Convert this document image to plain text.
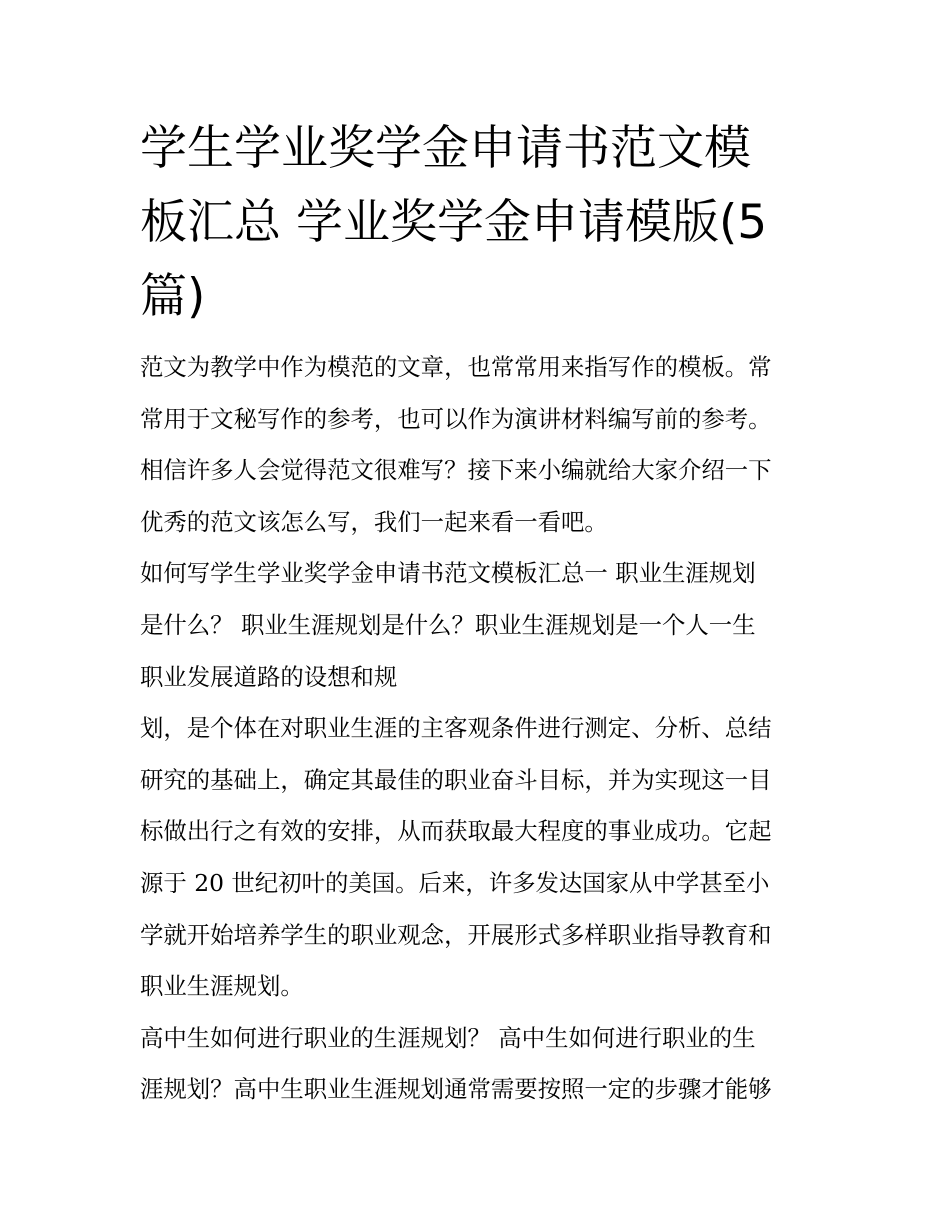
学生学业奖学金申请书范文模
板汇总 学业奖学金申请模版(5
篇)

范文为教学中作为模范的文章，也常常用来指写作的模板。常
常用于文秘写作的参考，也可以作为演讲材料编写前的参考。
相信许多人会觉得范文很难写？接下来小编就给大家介绍一下
优秀的范文该怎么写，我们一起来看一看吧。

如何写学生学业奖学金申请书范文模板汇总一 职业生涯规划
是什么？ 职业生涯规划是什么？职业生涯规划是一个人一生
职业发展道路的设想和规

划，是个体在对职业生涯的主客观条件进行测定、分析、总结
研究的基础上，确定其最佳的职业奋斗目标，并为实现这一目
标做出行之有效的安排，从而获取最大程度的事业成功。它起
源于 20 世纪初叶的美国。后来，许多发达国家从中学甚至小
学就开始培养学生的职业观念，开展形式多样职业指导教育和
职业生涯规划。

高中生如何进行职业的生涯规划？ 高中生如何进行职业的生
涯规划？高中生职业生涯规划通常需要按照一定的步骤才能够
